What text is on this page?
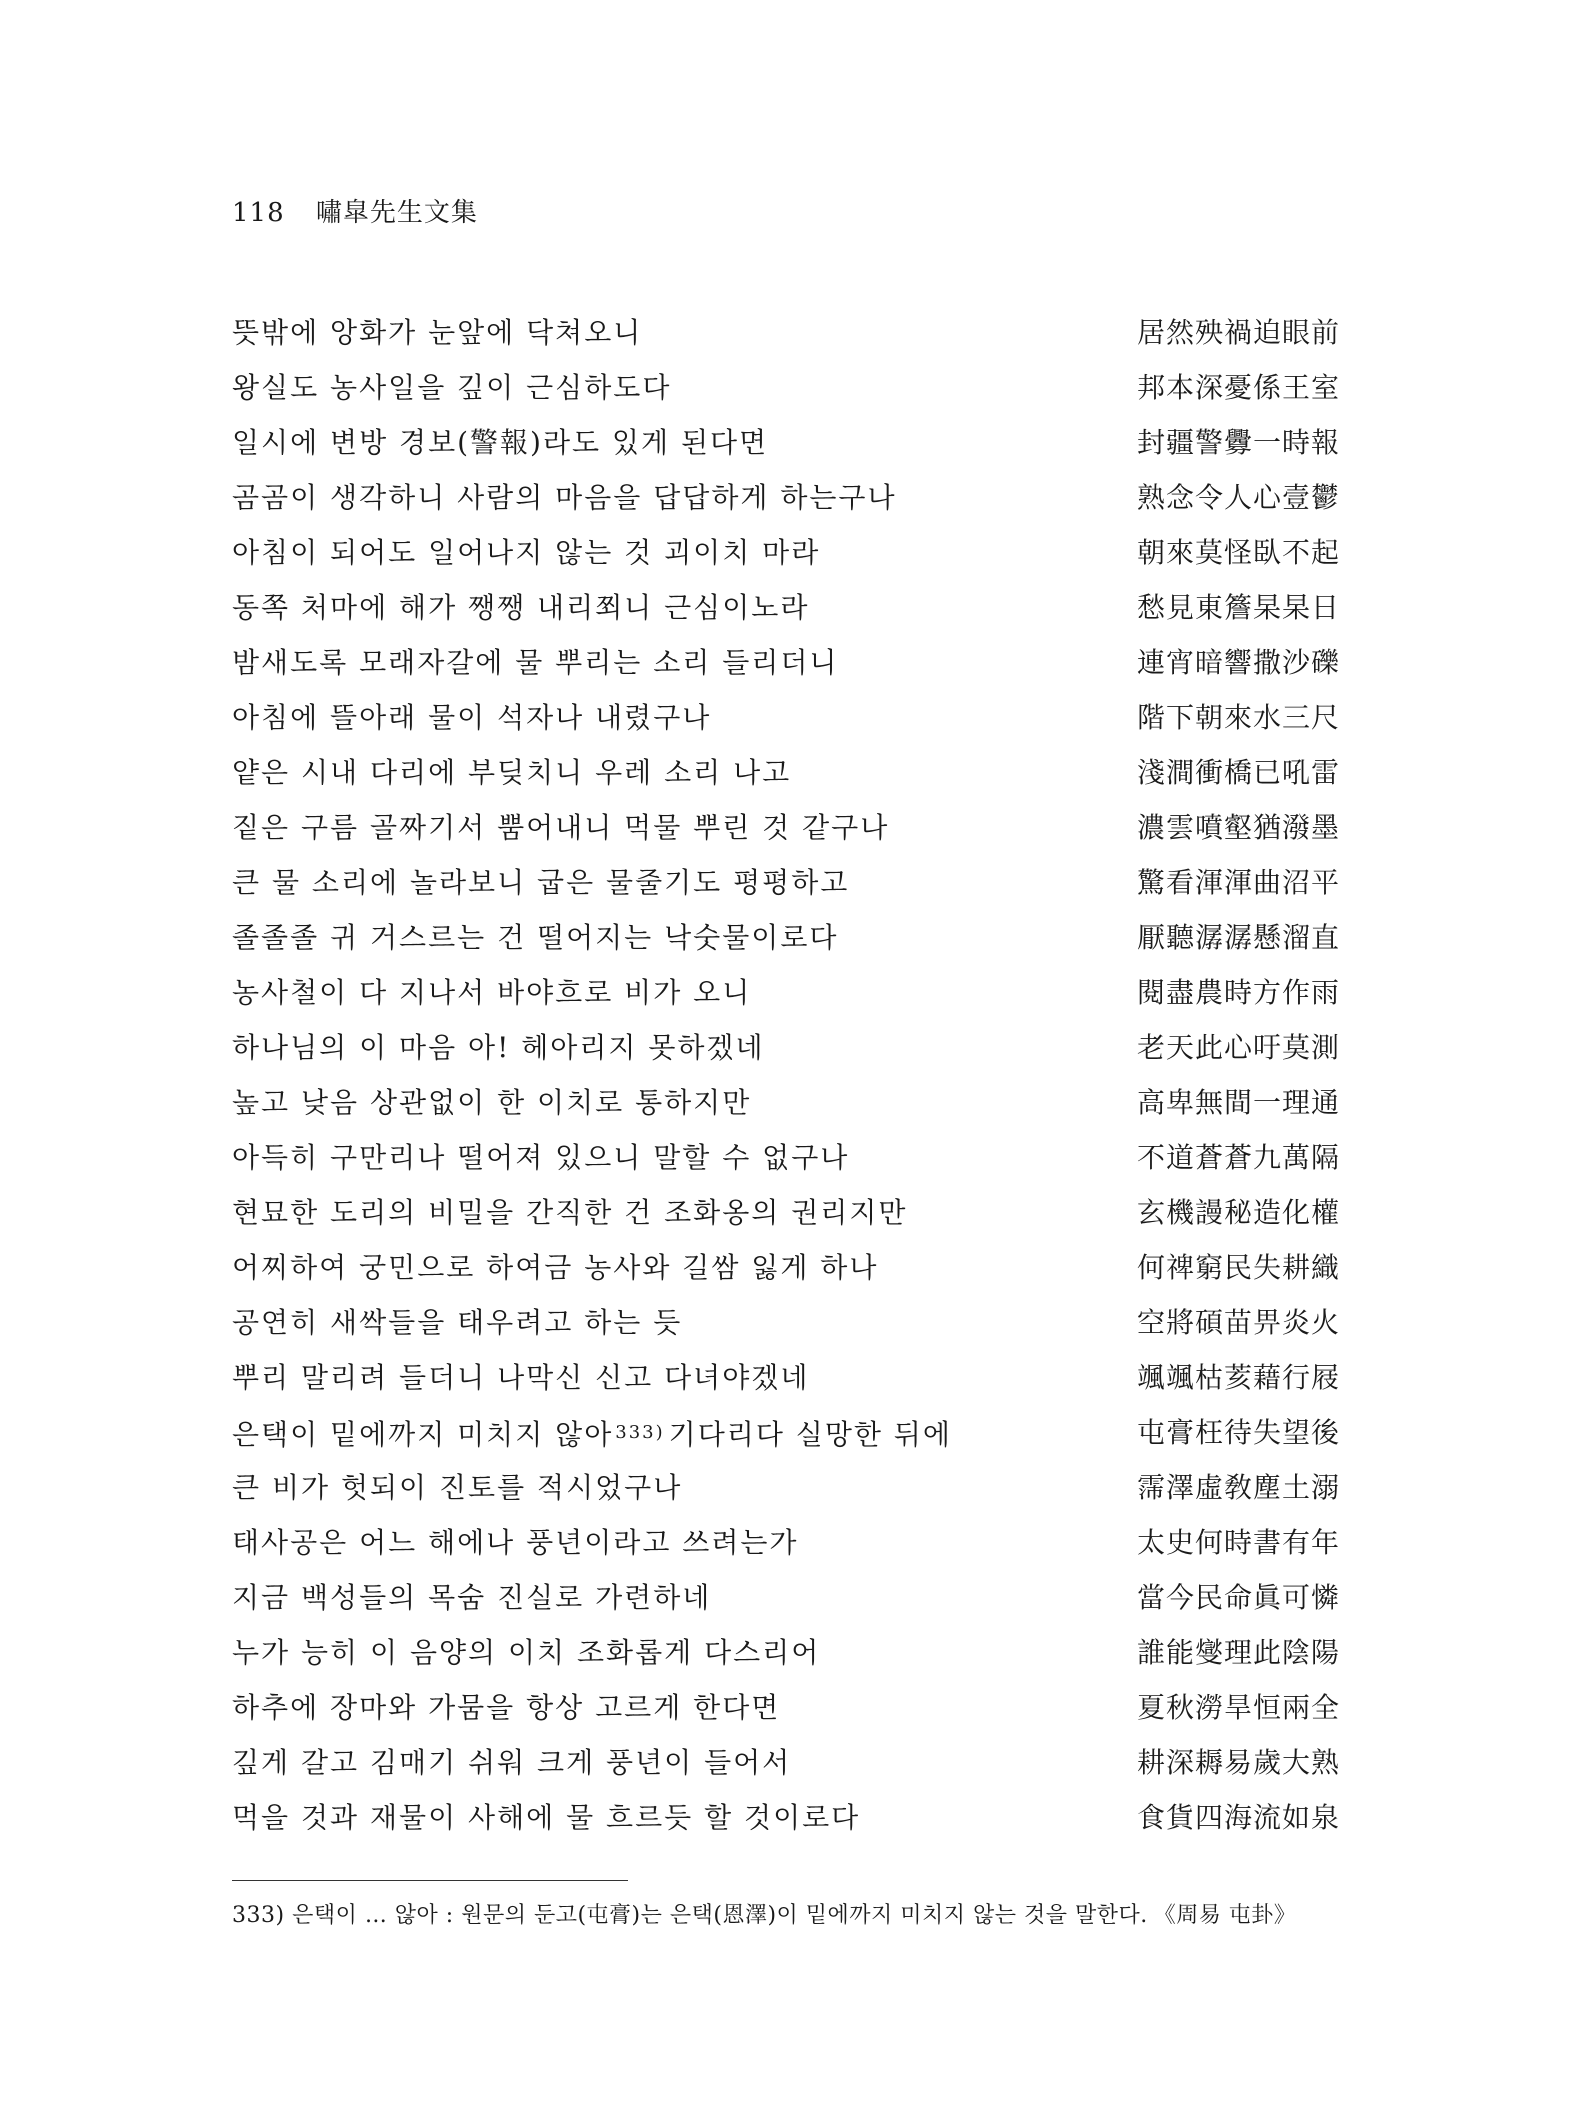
118 嘯皐先生文集
뜻밖에 앙화가 눈앞에 닥쳐오니	居然殃禍迫眼前
왕실도 농사일을 깊이 근심하도다	邦本深憂係王室
일시에 변방 경보(警報)라도 있게 된다면	封疆警釁一時報
곰곰이 생각하니 사람의 마음을 답답하게 하는구나	熟念令人心壹鬱
아침이 되어도 일어나지 않는 것 괴이치 마라	朝來莫怪臥不起
동쪽 처마에 해가 쨍쨍 내리쬐니 근심이노라	愁見東簷杲杲日
밤새도록 모래자갈에 물 뿌리는 소리 들리더니	連宵暗響撒沙礫
아침에 뜰아래 물이 석자나 내렸구나	階下朝來水三尺
얕은 시내 다리에 부딪치니 우레 소리 나고	淺澗衝橋已吼雷
짙은 구름 골짜기서 뿜어내니 먹물 뿌린 것 같구나	濃雲噴壑猶潑墨
큰 물 소리에 놀라보니 굽은 물줄기도 평평하고	驚看渾渾曲沼平
졸졸졸 귀 거스르는 건 떨어지는 낙숫물이로다	厭聽潺潺懸溜直
농사철이 다 지나서 바야흐로 비가 오니	閱盡農時方作雨
하나님의 이 마음 아! 헤아리지 못하겠네	老天此心吁莫測
높고 낮음 상관없이 한 이치로 통하지만	高卑無間一理通
아득히 구만리나 떨어져 있으니 말할 수 없구나	不道蒼蒼九萬隔
현묘한 도리의 비밀을 간직한 건 조화옹의 권리지만	玄機謾秘造化權
어찌하여 궁민으로 하여금 농사와 길쌈 잃게 하나	何禆窮民失耕織
공연히 새싹들을 태우려고 하는 듯	空將碩苗畀炎火
뿌리 말리려 들더니 나막신 신고 다녀야겠네	颯颯枯荄藉行屐
은택이 밑에까지 미치지 않아 $^{333)}$ 기다리다 실망한 뒤에	屯膏枉待失望後
큰 비가 헛되이 진토를 적시었구나	霈澤虛敎塵土溺
태사공은 어느 해에나 풍년이라고 쓰려는가	太史何時書有年
지금 백성들의 목숨 진실로 가련하네	當今民命眞可憐
누가 능히 이 음양의 이치 조화롭게 다스리어	誰能燮理此陰陽
하추에 장마와 가뭄을 항상 고르게 한다면	夏秋澇旱恒兩全
깊게 갈고 김매기 쉬워 크게 풍년이 들어서	耕深耨易歲大熟
먹을 것과 재물이 사해에 물 흐르듯 할 것이로다	食貨四海流如泉
333) 은택이 … 않아 : 원문의 둔고(屯膏)는 은택(恩澤)이 밑에까지 미치지 않는 것을 말한다. 《周易 屯卦》
